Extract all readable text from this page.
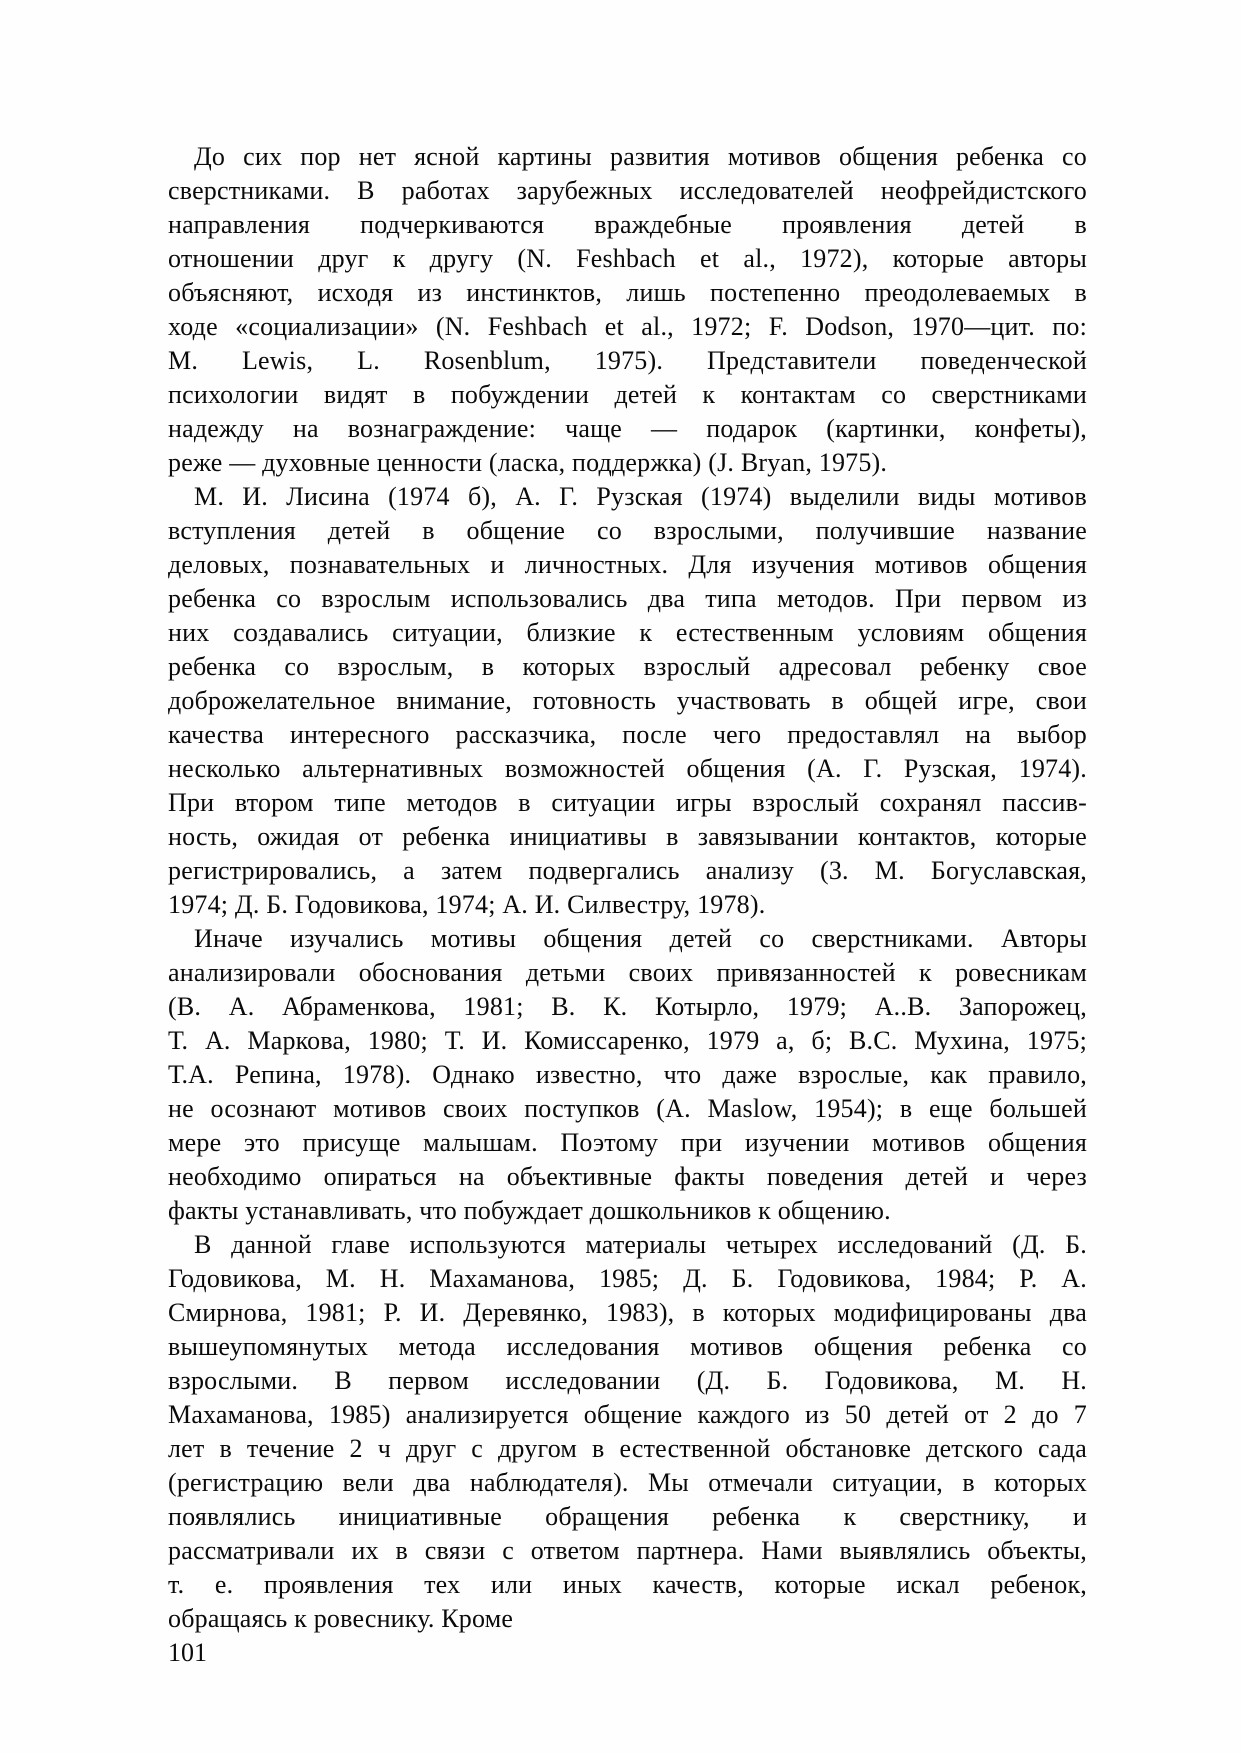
До сих пор нет ясной картины развития мотивов общения ребенка со
сверстниками. В работах зарубежных исследователей неофрейдистского
направления подчеркиваются враждебные проявления детей в
отношении друг к другу (N. Feshbach et al., 1972), которые авторы
объясняют, исходя из инстинктов, лишь постепенно преодолеваемых в
ходе «социализации» (N. Feshbach et al., 1972; F. Dodson, 1970—цит. по:
М. Lewis, L. Rosenblum, 1975). Представители поведенческой
психологии видят в побуждении детей к контактам со сверстниками
надежду на вознаграждение: чаще — подарок (картинки, конфеты),
реже — духовные ценности (ласка, поддержка) (J. Bryan, 1975).
М. И. Лисина (1974 б), А. Г. Рузская (1974) выделили виды мотивов
вступления детей в общение со взрослыми, получившие название
деловых, познавательных и личностных. Для изучения мотивов общения
ребенка со взрослым использовались два типа методов. При первом из
них создавались ситуации, близкие к естественным условиям общения
ребенка со взрослым, в которых взрослый адресовал ребенку свое
доброжелательное внимание, готовность участвовать в общей игре, свои
качества интересного рассказчика, после чего предоставлял на выбор
несколько альтернативных возможностей общения (А. Г. Рузская, 1974).
При втором типе методов в ситуации игры взрослый сохранял пассив-
ность, ожидая от ребенка инициативы в завязывании контактов, которые
регистрировались, а затем подвергались анализу (3. М. Богуславская,
1974; Д. Б. Годовикова, 1974; А. И. Силвестру, 1978).
Иначе изучались мотивы общения детей со сверстниками. Авторы
анализировали обоснования детьми своих привязанностей к ровесникам
(В. А. Абраменкова, 1981; В. К. Котырло, 1979; А..В. Запорожец,
Т. А. Маркова, 1980; Т. И. Комиссаренко, 1979 а, б; В.С. Мухина, 1975;
Т.А. Репина, 1978). Однако известно, что даже взрослые, как правило,
не осознают мотивов своих поступков (A. Maslow, 1954); в еще большей
мере это присуще малышам. Поэтому при изучении мотивов общения
необходимо опираться на объективные факты поведения детей и через
факты устанавливать, что побуждает дошкольников к общению.
В данной главе используются материалы четырех исследований (Д. Б.
Годовикова, М. Н. Махаманова, 1985; Д. Б. Годовикова, 1984; Р. А.
Смирнова, 1981; Р. И. Деревянко, 1983), в которых модифицированы два
вышеупомянутых метода исследования мотивов общения ребенка со
взрослыми. В первом исследовании (Д. Б. Годовикова, М. Н.
Махаманова, 1985) анализируется общение каждого из 50 детей от 2 до 7
лет в течение 2 ч друг с другом в естественной обстановке детского сада
(регистрацию вели два наблюдателя). Мы отмечали ситуации, в которых
появлялись инициативные обращения ребенка к сверстнику, и
рассматривали их в связи с ответом партнера. Нами выявлялись объекты,
т. е. проявления тех или иных качеств, которые искал ребенок,
обращаясь к ровеснику. Кроме
101
